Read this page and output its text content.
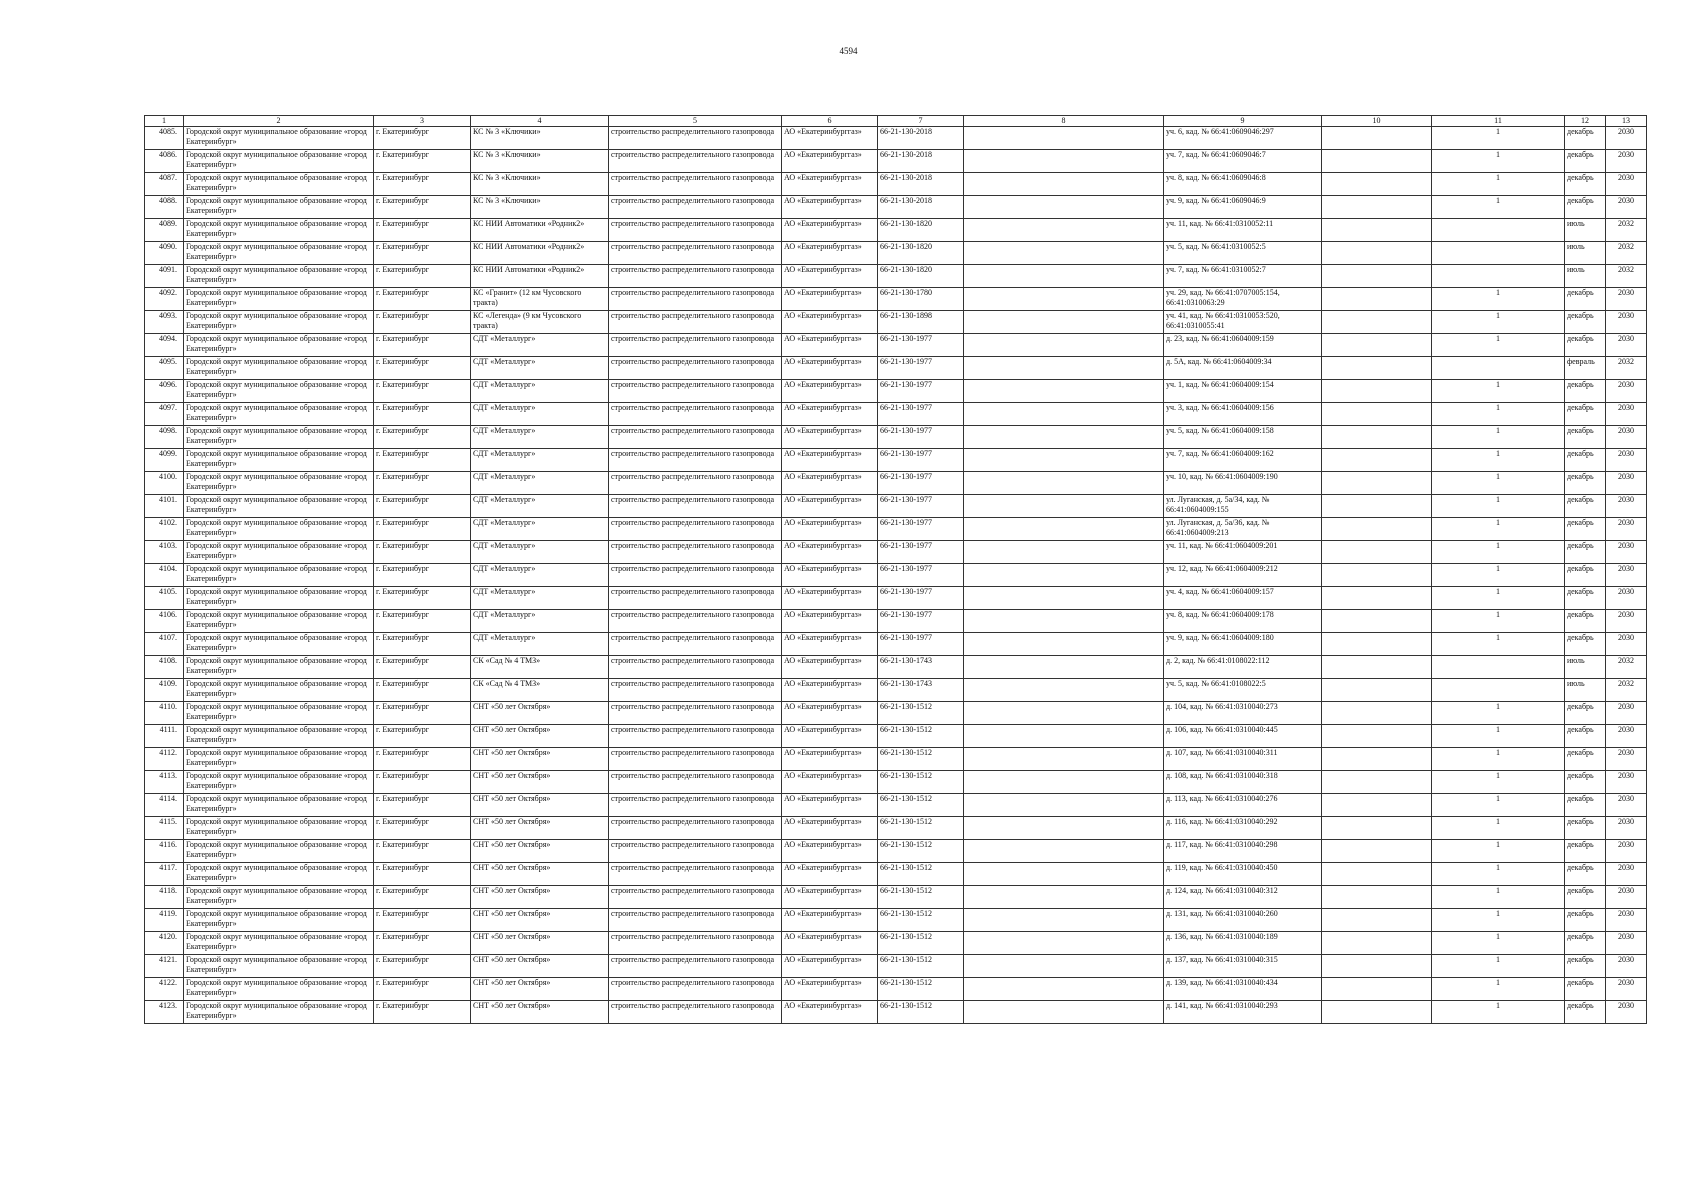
4594
1	2	3	4	5	6	7	8	9	10	11	12	13
4085.	Городской округ муниципальное образование «город Екатеринбург»	г. Екатеринбург	КС № 3 «Ключики»	строительство распределительного газопровода	АО «Екатеринбурггаз»	66-21-130-2018		уч. 6, кад. № 66:41:0609046:297		1	декабрь	2030
4086.	Городской округ муниципальное образование «город Екатеринбург»	г. Екатеринбург	КС № 3 «Ключики»	строительство распределительного газопровода	АО «Екатеринбурггаз»	66-21-130-2018		уч. 7, кад. № 66:41:0609046:7		1	декабрь	2030
4087.	Городской округ муниципальное образование «город Екатеринбург»	г. Екатеринбург	КС № 3 «Ключики»	строительство распределительного газопровода	АО «Екатеринбурггаз»	66-21-130-2018		уч. 8, кад. № 66:41:0609046:8		1	декабрь	2030
4088.	Городской округ муниципальное образование «город Екатеринбург»	г. Екатеринбург	КС № 3 «Ключики»	строительство распределительного газопровода	АО «Екатеринбурггаз»	66-21-130-2018		уч. 9, кад. № 66:41:0609046:9		1	декабрь	2030
4089.	Городской округ муниципальное образование «город Екатеринбург»	г. Екатеринбург	КС НИИ Автоматики «Родник2»	строительство распределительного газопровода	АО «Екатеринбурггаз»	66-21-130-1820		уч. 11, кад. № 66:41:0310052:11			июль	2032
4090.	Городской округ муниципальное образование «город Екатеринбург»	г. Екатеринбург	КС НИИ Автоматики «Родник2»	строительство распределительного газопровода	АО «Екатеринбурггаз»	66-21-130-1820		уч. 5, кад. № 66:41:0310052:5			июль	2032
4091.	Городской округ муниципальное образование «город Екатеринбург»	г. Екатеринбург	КС НИИ Автоматики «Родник2»	строительство распределительного газопровода	АО «Екатеринбурггаз»	66-21-130-1820		уч. 7, кад. № 66:41:0310052:7			июль	2032
4092.	Городской округ муниципальное образование «город Екатеринбург»	г. Екатеринбург	КС «Гранит» (12 км Чусовского тракта)	строительство распределительного газопровода	АО «Екатеринбурггаз»	66-21-130-1780		уч. 29, кад. № 66:41:0707005:154, 66:41:0310063:29		1	декабрь	2030
4093.	Городской округ муниципальное образование «город Екатеринбург»	г. Екатеринбург	КС «Легенда» (9 км Чусовского тракта)	строительство распределительного газопровода	АО «Екатеринбурггаз»	66-21-130-1898		уч. 41, кад. № 66:41:0310053:520, 66:41:0310055:41		1	декабрь	2030
4094.	Городской округ муниципальное образование «город Екатеринбург»	г. Екатеринбург	СДТ «Металлург»	строительство распределительного газопровода	АО «Екатеринбурггаз»	66-21-130-1977		д. 23, кад. № 66:41:0604009:159		1	декабрь	2030
4095.	Городской округ муниципальное образование «город Екатеринбург»	г. Екатеринбург	СДТ «Металлург»	строительство распределительного газопровода	АО «Екатеринбурггаз»	66-21-130-1977		д. 5А, кад. № 66:41:0604009:34			февраль	2032
4096.	Городской округ муниципальное образование «город Екатеринбург»	г. Екатеринбург	СДТ «Металлург»	строительство распределительного газопровода	АО «Екатеринбурггаз»	66-21-130-1977		уч. 1, кад. № 66:41:0604009:154		1	декабрь	2030
4097.	Городской округ муниципальное образование «город Екатеринбург»	г. Екатеринбург	СДТ «Металлург»	строительство распределительного газопровода	АО «Екатеринбурггаз»	66-21-130-1977		уч. 3, кад. № 66:41:0604009:156		1	декабрь	2030
4098.	Городской округ муниципальное образование «город Екатеринбург»	г. Екатеринбург	СДТ «Металлург»	строительство распределительного газопровода	АО «Екатеринбурггаз»	66-21-130-1977		уч. 5, кад. № 66:41:0604009:158		1	декабрь	2030
4099.	Городской округ муниципальное образование «город Екатеринбург»	г. Екатеринбург	СДТ «Металлург»	строительство распределительного газопровода	АО «Екатеринбурггаз»	66-21-130-1977		уч. 7, кад. № 66:41:0604009:162		1	декабрь	2030
4100.	Городской округ муниципальное образование «город Екатеринбург»	г. Екатеринбург	СДТ «Металлург»	строительство распределительного газопровода	АО «Екатеринбурггаз»	66-21-130-1977		уч. 10, кад. № 66:41:0604009:190		1	декабрь	2030
4101.	Городской округ муниципальное образование «город Екатеринбург»	г. Екатеринбург	СДТ «Металлург»	строительство распределительного газопровода	АО «Екатеринбурггаз»	66-21-130-1977		ул. Луганская, д. 5а/34, кад. № 66:41:0604009:155		1	декабрь	2030
4102.	Городской округ муниципальное образование «город Екатеринбург»	г. Екатеринбург	СДТ «Металлург»	строительство распределительного газопровода	АО «Екатеринбурггаз»	66-21-130-1977		ул. Луганская, д. 5а/36, кад. № 66:41:0604009:213		1	декабрь	2030
4103.	Городской округ муниципальное образование «город Екатеринбург»	г. Екатеринбург	СДТ «Металлург»	строительство распределительного газопровода	АО «Екатеринбурггаз»	66-21-130-1977		уч. 11, кад. № 66:41:0604009:201		1	декабрь	2030
4104.	Городской округ муниципальное образование «город Екатеринбург»	г. Екатеринбург	СДТ «Металлург»	строительство распределительного газопровода	АО «Екатеринбурггаз»	66-21-130-1977		уч. 12, кад. № 66:41:0604009:212		1	декабрь	2030
4105.	Городской округ муниципальное образование «город Екатеринбург»	г. Екатеринбург	СДТ «Металлург»	строительство распределительного газопровода	АО «Екатеринбурггаз»	66-21-130-1977		уч. 4, кад. № 66:41:0604009:157		1	декабрь	2030
4106.	Городской округ муниципальное образование «город Екатеринбург»	г. Екатеринбург	СДТ «Металлург»	строительство распределительного газопровода	АО «Екатеринбурггаз»	66-21-130-1977		уч. 8, кад. № 66:41:0604009:178		1	декабрь	2030
4107.	Городской округ муниципальное образование «город Екатеринбург»	г. Екатеринбург	СДТ «Металлург»	строительство распределительного газопровода	АО «Екатеринбурггаз»	66-21-130-1977		уч. 9, кад. № 66:41:0604009:180		1	декабрь	2030
4108.	Городской округ муниципальное образование «город Екатеринбург»	г. Екатеринбург	СК «Сад № 4 ТМЗ»	строительство распределительного газопровода	АО «Екатеринбурггаз»	66-21-130-1743		д. 2, кад. № 66:41:0108022:112			июль	2032
4109.	Городской округ муниципальное образование «город Екатеринбург»	г. Екатеринбург	СК «Сад № 4 ТМЗ»	строительство распределительного газопровода	АО «Екатеринбурггаз»	66-21-130-1743		уч. 5, кад. № 66:41:0108022:5			июль	2032
4110.	Городской округ муниципальное образование «город Екатеринбург»	г. Екатеринбург	СНТ «50 лет Октября»	строительство распределительного газопровода	АО «Екатеринбурггаз»	66-21-130-1512		д. 104, кад. № 66:41:0310040:273		1	декабрь	2030
4111.	Городской округ муниципальное образование «город Екатеринбург»	г. Екатеринбург	СНТ «50 лет Октября»	строительство распределительного газопровода	АО «Екатеринбурггаз»	66-21-130-1512		д. 106, кад. № 66:41:0310040:445		1	декабрь	2030
4112.	Городской округ муниципальное образование «город Екатеринбург»	г. Екатеринбург	СНТ «50 лет Октября»	строительство распределительного газопровода	АО «Екатеринбурггаз»	66-21-130-1512		д. 107, кад. № 66:41:0310040:311		1	декабрь	2030
4113.	Городской округ муниципальное образование «город Екатеринбург»	г. Екатеринбург	СНТ «50 лет Октября»	строительство распределительного газопровода	АО «Екатеринбурггаз»	66-21-130-1512		д. 108, кад. № 66:41:0310040:318		1	декабрь	2030
4114.	Городской округ муниципальное образование «город Екатеринбург»	г. Екатеринбург	СНТ «50 лет Октября»	строительство распределительного газопровода	АО «Екатеринбурггаз»	66-21-130-1512		д. 113, кад. № 66:41:0310040:276		1	декабрь	2030
4115.	Городской округ муниципальное образование «город Екатеринбург»	г. Екатеринбург	СНТ «50 лет Октября»	строительство распределительного газопровода	АО «Екатеринбурггаз»	66-21-130-1512		д. 116, кад. № 66:41:0310040:292		1	декабрь	2030
4116.	Городской округ муниципальное образование «город Екатеринбург»	г. Екатеринбург	СНТ «50 лет Октября»	строительство распределительного газопровода	АО «Екатеринбурггаз»	66-21-130-1512		д. 117, кад. № 66:41:0310040:298		1	декабрь	2030
4117.	Городской округ муниципальное образование «город Екатеринбург»	г. Екатеринбург	СНТ «50 лет Октября»	строительство распределительного газопровода	АО «Екатеринбурггаз»	66-21-130-1512		д. 119, кад. № 66:41:0310040:450		1	декабрь	2030
4118.	Городской округ муниципальное образование «город Екатеринбург»	г. Екатеринбург	СНТ «50 лет Октября»	строительство распределительного газопровода	АО «Екатеринбурггаз»	66-21-130-1512		д. 124, кад. № 66:41:0310040:312		1	декабрь	2030
4119.	Городской округ муниципальное образование «город Екатеринбург»	г. Екатеринбург	СНТ «50 лет Октября»	строительство распределительного газопровода	АО «Екатеринбурггаз»	66-21-130-1512		д. 131, кад. № 66:41:0310040:260		1	декабрь	2030
4120.	Городской округ муниципальное образование «город Екатеринбург»	г. Екатеринбург	СНТ «50 лет Октября»	строительство распределительного газопровода	АО «Екатеринбурггаз»	66-21-130-1512		д. 136, кад. № 66:41:0310040:189		1	декабрь	2030
4121.	Городской округ муниципальное образование «город Екатеринбург»	г. Екатеринбург	СНТ «50 лет Октября»	строительство распределительного газопровода	АО «Екатеринбурггаз»	66-21-130-1512		д. 137, кад. № 66:41:0310040:315		1	декабрь	2030
4122.	Городской округ муниципальное образование «город Екатеринбург»	г. Екатеринбург	СНТ «50 лет Октября»	строительство распределительного газопровода	АО «Екатеринбурггаз»	66-21-130-1512		д. 139, кад. № 66:41:0310040:434		1	декабрь	2030
4123.	Городской округ муниципальное образование «город Екатеринбург»	г. Екатеринбург	СНТ «50 лет Октября»	строительство распределительного газопровода	АО «Екатеринбурггаз»	66-21-130-1512		д. 141, кад. № 66:41:0310040:293		1	декабрь	2030
